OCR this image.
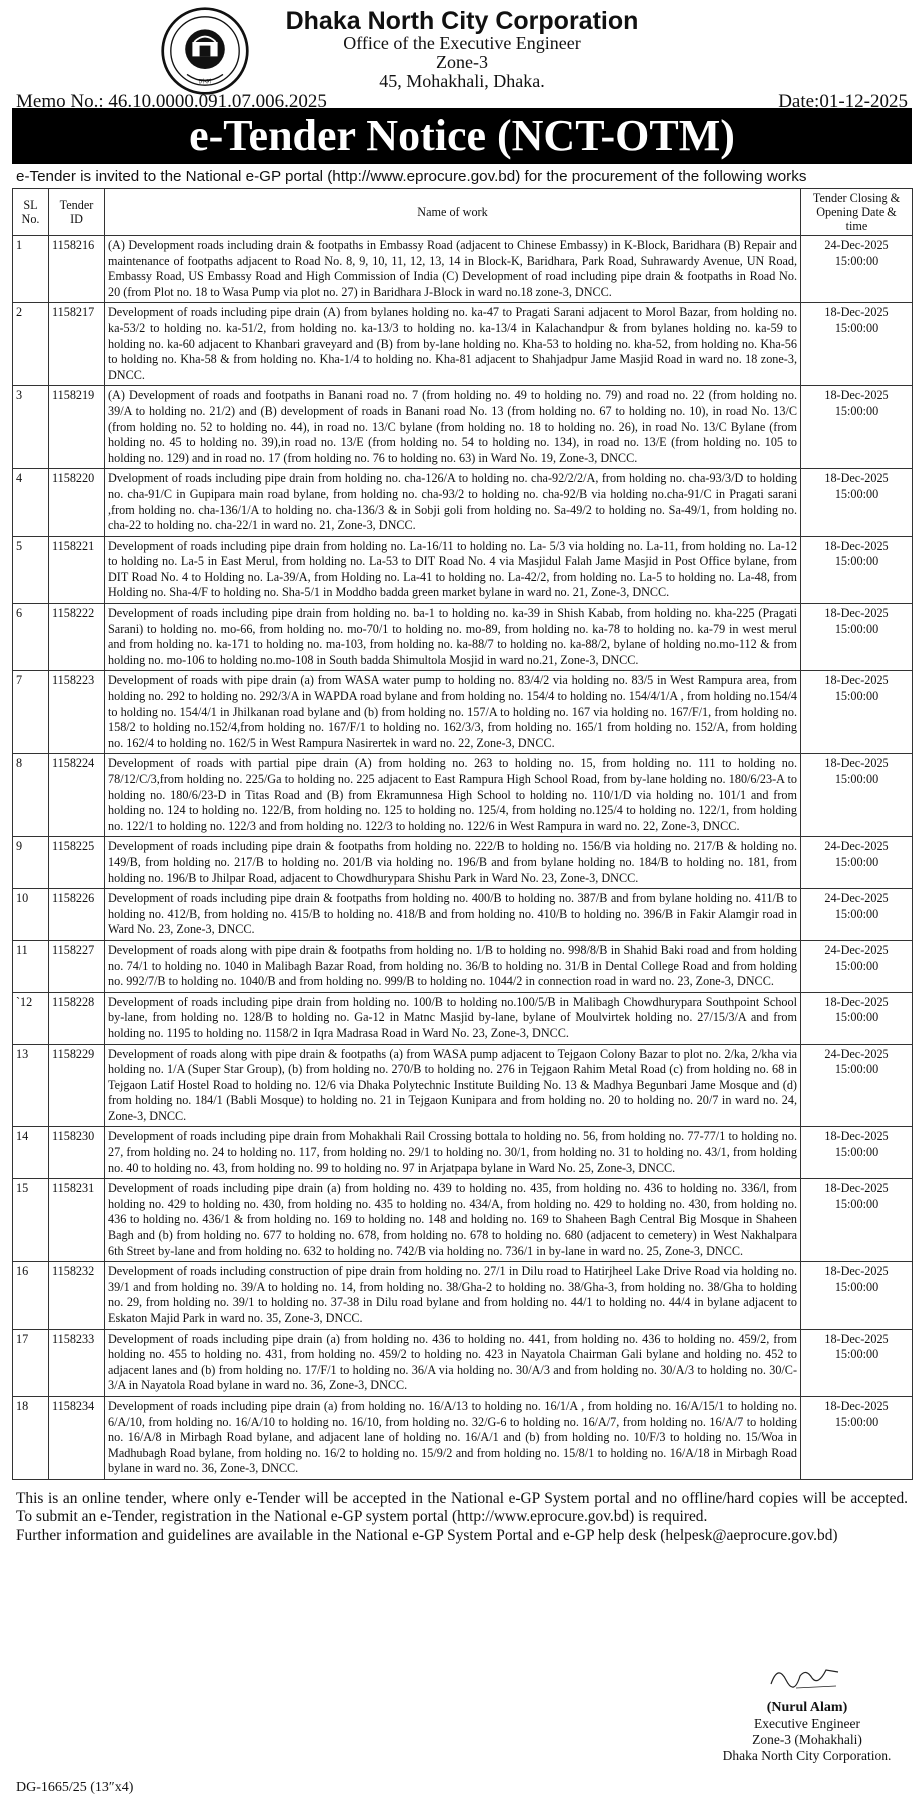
ঢাকা
Dhaka North City Corporation
Office of the Executive Engineer
Zone-3
45, Mohakhali, Dhaka.
Memo No.: 46.10.0000.091.07.006.2025	Date:01-12-2025
e-Tender Notice (NCT-OTM)
e-Tender is invited to the National e-GP portal (http://www.eprocure.gov.bd) for the procurement of the following works
SL No.	Tender ID	Name of work	Tender Closing & Opening Date & time
1	1158216	(A) Development roads including drain & footpaths in Embassy Road (adjacent to Chinese Embassy) in K-Block, Baridhara (B) Repair and maintenance of footpaths adjacent to Road No. 8, 9, 10, 11, 12, 13, 14 in Block-K, Baridhara, Park Road, Suhrawardy Avenue, UN Road, Embassy Road, US Embassy Road and High Commission of India (C) Development of road including pipe drain & footpaths in Road No. 20 (from Plot no. 18 to Wasa Pump via plot no. 27) in Baridhara J-Block in ward no.18 zone-3, DNCC.	24-Dec-2025
15:00:00

2	1158217	Development of roads including pipe drain (A) from bylanes holding no. ka-47 to Pragati Sarani adjacent to Morol Bazar, from holding no. ka-53/2 to holding no. ka-51/2, from holding no. ka-13/3 to holding no. ka-13/4 in Kalachandpur & from bylanes holding no. ka-59 to holding no. ka-60 adjacent to Khanbari graveyard and (B) from by-lane holding no. Kha-53 to holding no. kha-52, from holding no. Kha-56 to holding no. Kha-58 & from holding no. Kha-1/4 to holding no. Kha-81 adjacent to Shahjadpur Jame Masjid Road in ward no. 18 zone-3, DNCC.	18-Dec-2025
15:00:00

3	1158219	(A) Development of roads and footpaths in Banani road no. 7 (from holding no. 49 to holding no. 79) and road no. 22 (from holding no. 39/A to holding no. 21/2) and (B) development of roads in Banani road No. 13 (from holding no. 67 to holding no. 10), in road No. 13/C (from holding no. 52 to holding no. 44), in road no. 13/C bylane (from holding no. 18 to holding no. 26), in road No. 13/C Bylane (from holding no. 45 to holding no. 39),in road no. 13/E (from holding no. 54 to holding no. 134), in road no. 13/E (from holding no. 105 to holding no. 129) and in road no. 17 (from holding no. 76 to holding no. 63) in Ward No. 19, Zone-3, DNCC.	18-Dec-2025
15:00:00

4	1158220	Dvelopment of roads including pipe drain from holding no. cha-126/A to holding no. cha-92/2/2/A, from holding no. cha-93/3/D to holding no. cha-91/C in Gupipara main road bylane, from holding no. cha-93/2 to holding no. cha-92/B via holding no.cha-91/C in Pragati sarani ,from holding no. cha-136/1/A to holding no. cha-136/3 & in Sobji goli from holding no. Sa-49/2 to holding no. Sa-49/1, from holding no. cha-22 to holding no. cha-22/1 in ward no. 21, Zone-3, DNCC.	18-Dec-2025
15:00:00

5	1158221	Development of roads including pipe drain from holding no. La-16/11 to holding no. La- 5/3 via holding no. La-11, from holding no. La-12 to holding no. La-5 in East Merul, from holding no. La-53 to DIT Road No. 4 via Masjidul Falah Jame Masjid in Post Office bylane, from DIT Road No. 4 to Holding no. La-39/A, from Holding no. La-41 to holding no. La-42/2, from holding no. La-5 to holding no. La-48, from Holding no. Sha-4/F to holding no. Sha-5/1 in Moddho badda green market bylane in ward no. 21, Zone-3, DNCC.	18-Dec-2025
15:00:00

6	1158222	Development of roads including pipe drain from holding no. ba-1 to holding no. ka-39 in Shish Kabab, from holding no. kha-225 (Pragati Sarani) to holding no. mo-66, from holding no. mo-70/1 to holding no. mo-89, from holding no. ka-78 to holding no. ka-79 in west merul and from holding no. ka-171 to holding no. ma-103, from holding no. ka-88/7 to holding no. ka-88/2, bylane of holding no.mo-112 & from holding no. mo-106 to holding no.mo-108 in South badda Shimultola Mosjid in ward no.21, Zone-3, DNCC.	18-Dec-2025
15:00:00

7	1158223	Development of roads with pipe drain (a) from WASA water pump to holding no. 83/4/2 via holding no. 83/5 in West Rampura area, from holding no. 292 to holding no. 292/3/A in WAPDA road bylane and from holding no. 154/4 to holding no. 154/4/1/A , from holding no.154/4 to holding no. 154/4/1 in Jhilkanan road bylane and (b) from holding no. 157/A to holding no. 167 via holding no. 167/F/1, from holding no. 158/2 to holding no.152/4,from holding no. 167/F/1 to holding no. 162/3/3, from holding no. 165/1 from holding no. 152/A, from holding no. 162/4 to holding no. 162/5 in West Rampura Nasirertek in ward no. 22, Zone-3, DNCC.	18-Dec-2025
15:00:00

8	1158224	Development of roads with partial pipe drain (A) from holding no. 263 to holding no. 15, from holding no. 111 to holding no. 78/12/C/3,from holding no. 225/Ga to holding no. 225 adjacent to East Rampura High School Road, from by-lane holding no. 180/6/23-A to holding no. 180/6/23-D in Titas Road and (B) from Ekramunnesa High School to holding no. 110/1/D via holding no. 101/1 and from holding no. 124 to holding no. 122/B, from holding no. 125 to holding no. 125/4, from holding no.125/4 to holding no. 122/1, from holding no. 122/1 to holding no. 122/3 and from holding no. 122/3 to holding no. 122/6 in West Rampura in ward no. 22, Zone-3, DNCC.	18-Dec-2025
15:00:00

9	1158225	Development of roads including pipe drain & footpaths from holding no. 222/B to holding no. 156/B via holding no. 217/B & holding no. 149/B, from holding no. 217/B to holding no. 201/B via holding no. 196/B and from bylane holding no. 184/B to holding no. 181, from holding no. 196/B to Jhilpar Road, adjacent to Chowdhurypara Shishu Park in Ward No. 23, Zone-3, DNCC.	24-Dec-2025
15:00:00

10	1158226	Development of roads including pipe drain & footpaths from holding no. 400/B to holding no. 387/B and from bylane holding no. 411/B to holding no. 412/B, from holding no. 415/B to holding no. 418/B and from holding no. 410/B to holding no. 396/B in Fakir Alamgir road in Ward No. 23, Zone-3, DNCC.	24-Dec-2025
15:00:00

11	1158227	Development of roads along with pipe drain & footpaths from holding no. 1/B to holding no. 998/8/B in Shahid Baki road and from holding no. 74/1 to holding no. 1040 in Malibagh Bazar Road, from holding no. 36/B to holding no. 31/B in Dental College Road and from holding no. 992/7/B to holding no. 1040/B and from holding no. 999/B to holding no. 1044/2 in connection road in ward no. 23, Zone-3, DNCC.	24-Dec-2025
15:00:00

`12	1158228	Development of roads including pipe drain from holding no. 100/B to holding no.100/5/B in Malibagh Chowdhurypara Southpoint School by-lane, from holding no. 128/B to holding no. Ga-12 in Matnc Masjid by-lane, bylane of Moulvirtek holding no. 27/15/3/A and from holding no. 1195 to holding no. 1158/2 in Iqra Madrasa Road in Ward No. 23, Zone-3, DNCC.	18-Dec-2025
15:00:00

13	1158229	Development of roads along with pipe drain & footpaths (a) from WASA pump adjacent to Tejgaon Colony Bazar to plot no. 2/ka, 2/kha via holding no. 1/A (Super Star Group), (b) from holding no. 270/B to holding no. 276 in Tejgaon Rahim Metal Road (c) from holding no. 68 in Tejgaon Latif Hostel Road to holding no. 12/6 via Dhaka Polytechnic Institute Building No. 13 & Madhya Begunbari Jame Mosque and (d) from holding no. 184/1 (Babli Mosque) to holding no. 21 in Tejgaon Kunipara and from holding no. 20 to holding no. 20/7 in ward no. 24, Zone-3, DNCC.	24-Dec-2025
15:00:00

14	1158230	Development of roads including pipe drain from Mohakhali Rail Crossing bottala to holding no. 56, from holding no. 77-77/1 to holding no. 27, from holding no. 24 to holding no. 117, from holding no. 29/1 to holding no. 30/1, from holding no. 31 to holding no. 43/1, from holding no. 40 to holding no. 43, from holding no. 99 to holding no. 97 in Arjatpapa bylane in Ward No. 25, Zone-3, DNCC.	18-Dec-2025
15:00:00

15	1158231	Development of roads including pipe drain (a) from holding no. 439 to holding no. 435, from holding no. 436 to holding no. 336/l, from holding no. 429 to holding no. 430, from holding no. 435 to holding no. 434/A, from holding no. 429 to holding no. 430, from holding no. 436 to holding no. 436/1 & from holding no. 169 to holding no. 148 and holding no. 169 to Shaheen Bagh Central Big Mosque in Shaheen Bagh and (b) from holding no. 677 to holding no. 678, from holding no. 678 to holding no. 680 (adjacent to cemetery) in West Nakhalpara 6th Street by-lane and from holding no. 632 to holding no. 742/B via holding no. 736/1 in by-lane in ward no. 25, Zone-3, DNCC.	18-Dec-2025
15:00:00

16	1158232	Development of roads including construction of pipe drain from holding no. 27/1 in Dilu road to Hatirjheel Lake Drive Road via holding no. 39/1 and from holding no. 39/A to holding no. 14, from holding no. 38/Gha-2 to holding no. 38/Gha-3, from holding no. 38/Gha to holding no. 29, from holding no. 39/1 to holding no. 37-38 in Dilu road bylane and from holding no. 44/1 to holding no. 44/4 in bylane adjacent to Eskaton Majid Park in ward no. 35, Zone-3, DNCC.	18-Dec-2025
15:00:00

17	1158233	Development of roads including pipe drain (a) from holding no. 436 to holding no. 441, from holding no. 436 to holding no. 459/2, from holding no. 455 to holding no. 431, from holding no. 459/2 to holding no. 423 in Nayatola Chairman Gali bylane and holding no. 452 to adjacent lanes and (b) from holding no. 17/F/1 to holding no. 36/A via holding no. 30/A/3 and from holding no. 30/A/3 to holding no. 30/C-3/A in Nayatola Road bylane in ward no. 36, Zone-3, DNCC.	18-Dec-2025
15:00:00

18	1158234	Development of roads including pipe drain (a) from holding no. 16/A/13 to holding no. 16/1/A , from holding no. 16/A/15/1 to holding no. 6/A/10, from holding no. 16/A/10 to holding no. 16/10, from holding no. 32/G-6 to holding no. 16/A/7, from holding no. 16/A/7 to holding no. 16/A/8 in Mirbagh Road bylane, and adjacent lane of holding no. 16/A/1 and (b) from holding no. 10/F/3 to holding no. 15/Woa in Madhubagh Road bylane, from holding no. 16/2 to holding no. 15/9/2 and from holding no. 15/8/1 to holding no. 16/A/18 in Mirbagh Road bylane in ward no. 36, Zone-3, DNCC.	18-Dec-2025
15:00:00
This is an online tender, where only e-Tender will be accepted in the National e-GP System portal and no offline/hard copies will be accepted. To submit an e-Tender, registration in the National e-GP system portal (http://www.eprocure.gov.bd) is required.
Further information and guidelines are available in the National e-GP System Portal and e-GP help desk (helpesk@aeprocure.gov.bd)
(Nurul Alam)
Executive Engineer
Zone-3 (Mohakhali)
Dhaka North City Corporation.
DG-1665/25 (13″x4)
